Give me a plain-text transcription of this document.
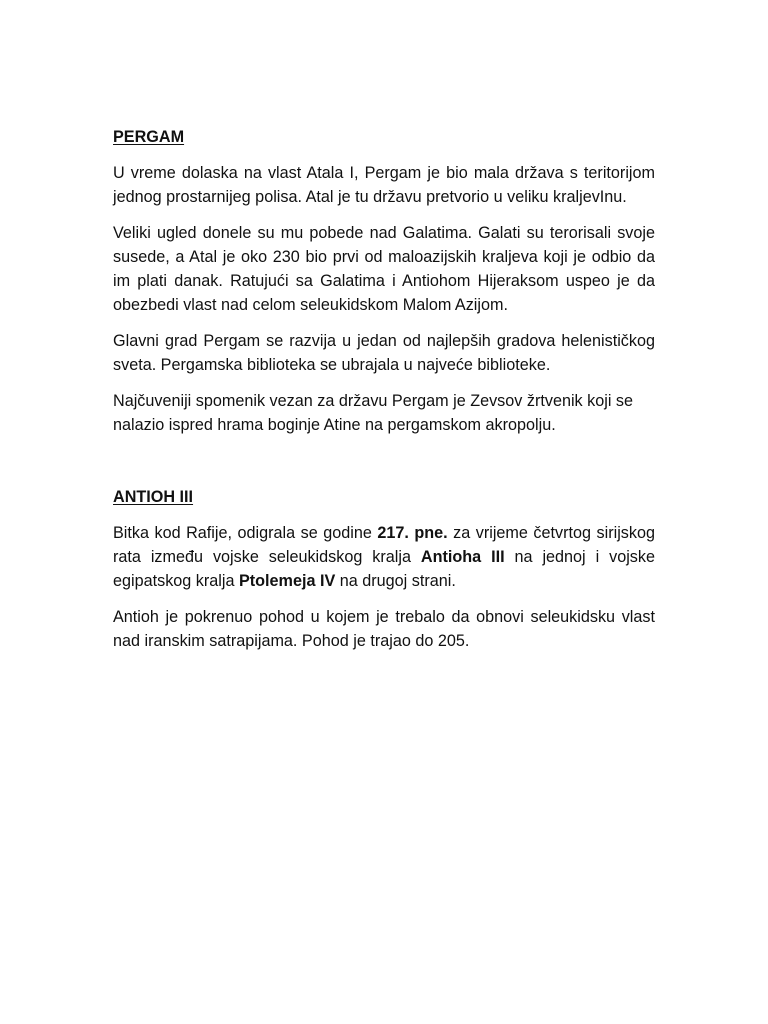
PERGAM

U vreme dolaska na vlast Atala I, Pergam je bio mala država s teritorijom jednog prostarnijeg polisa. Atal je tu državu pretvorio u veliku kraljevInu.

Veliki ugled donele su mu pobede nad Galatima. Galati su terorisali svoje susede, a Atal je oko 230 bio prvi od maloazijskih kraljeva koji je odbio da im plati danak. Ratujući sa Galatima i Antiohom Hijeraksom uspeo je da obezbedi vlast nad celom seleukidskom Malom Azijom.

Glavni grad Pergam se razvija u jedan od najlepših gradova helenističkog sveta. Pergamska biblioteka se ubrajala u najveće biblioteke.

Najčuveniji spomenik vezan za državu Pergam je Zevsov žrtvenik koji se nalazio ispred hrama boginje Atine na pergamskom akropolju.

ANTIOH III

Bitka kod Rafije, odigrala se godine 217. pne. za vrijeme četvrtog sirijskog rata između vojske seleukidskog kralja Antioha III na jednoj i vojske egipatskog kralja Ptolemeja IV na drugoj strani.

Antioh je pokrenuo pohod u kojem je trebalo da obnovi seleukidsku vlast nad iranskim satrapijama. Pohod je trajao do 205.
